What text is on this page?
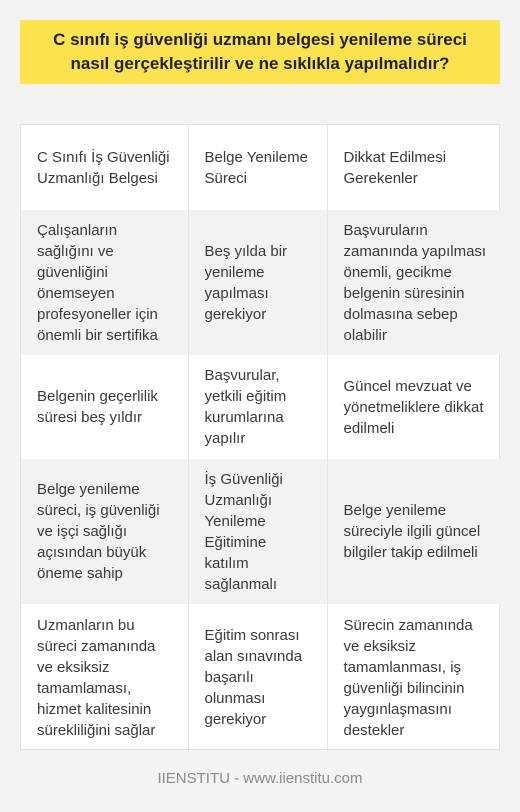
C sınıfı iş güvenliği uzmanı belgesi yenileme süreci nasıl gerçekleştirilir ve ne sıklıkla yapılmalıdır?
C Sınıfı İş Güvenliği Uzmanlığı Belgesi	Belge Yenileme Süreci	Dikkat Edilmesi Gerekenler
Çalışanların sağlığını ve güvenliğini önemseyen profesyoneller için önemli bir sertifika	Beş yılda bir yenileme yapılması gerekiyor	Başvuruların zamanında yapılması önemli, gecikme belgenin süresinin dolmasına sebep olabilir
Belgenin geçerlilik süresi beş yıldır	Başvurular, yetkili eğitim kurumlarına yapılır	Güncel mevzuat ve yönetmeliklere dikkat edilmeli
Belge yenileme süreci, iş güvenliği ve işçi sağlığı açısından büyük öneme sahip	İş Güvenliği Uzmanlığı Yenileme Eğitimine katılım sağlanmalı	Belge yenileme süreciyle ilgili güncel bilgiler takip edilmeli
Uzmanların bu süreci zamanında ve eksiksiz tamamlaması, hizmet kalitesinin sürekliliğini sağlar	Eğitim sonrası alan sınavında başarılı olunması gerekiyor	Sürecin zamanında ve eksiksiz tamamlanması, iş güvenliği bilincinin yaygınlaşmasını destekler
IIENSTITU - www.iienstitu.com
